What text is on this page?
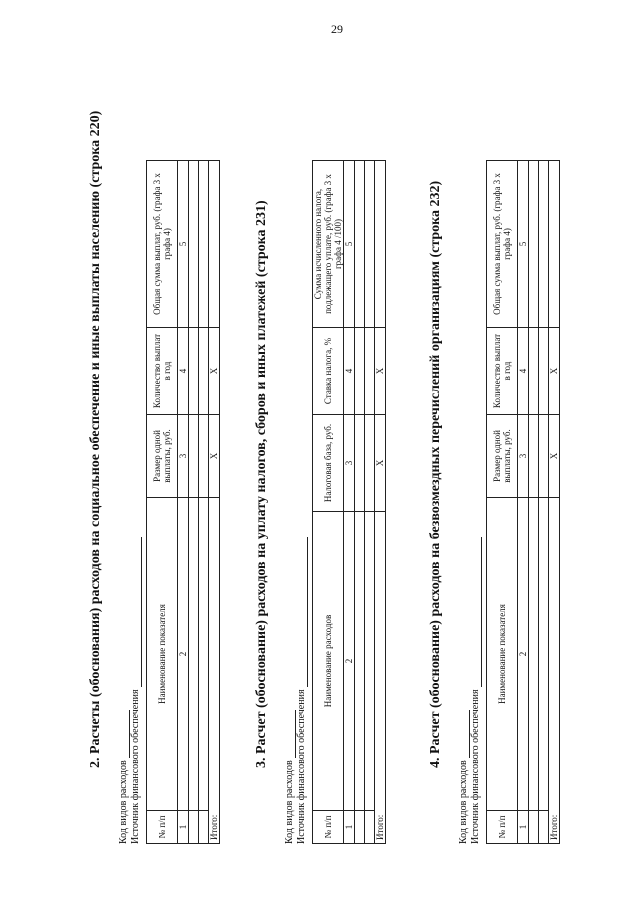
29
2. Расчеты (обоснования) расходов на социальное обеспечение и иные выплаты населению (строка 220)
Код видов расходов Источник финансового обеспечения № п/п	Наименование показателя	Размер одной выплаты, руб.	Количество выплат в год	Общая сумма выплат, руб. (графа 3 х графа 4)
1	2	3	4	5

Итого:		X	X		3. Расчет (обоснование) расходов на уплату налогов, сборов и иных платежей (строка 231)
Код видов расходов Источник финансового обеспечения № п/п	Наименование расходов	Налоговая база, руб.	Ставка налога, %	Сумма исчисленного налога, подлежащего уплате, руб. (графа 3 х графа 4 /100)
1	2	3	4	5

Итого:		X	X		4. Расчет (обоснование) расходов на безвозмездных перечислений организациям (строка 232)
Код видов расходов Источник финансового обеспечения № п/п	Наименование показателя	Размер одной выплаты, руб.	Количество выплат в год	Общая сумма выплат, руб. (графа 3 х графа 4)
1	2	3	4	5

Итого:		X	X	
